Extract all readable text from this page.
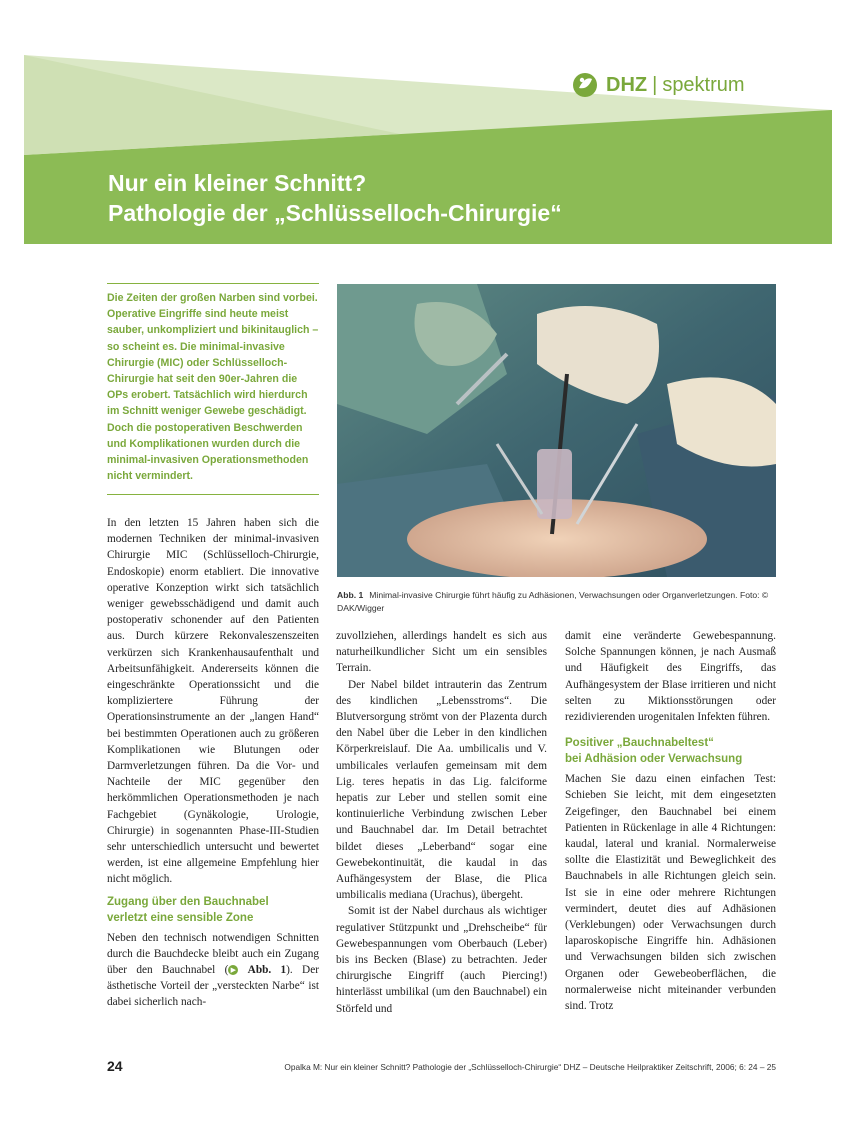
DHZ | spektrum
Nur ein kleiner Schnitt?
Pathologie der „Schlüsselloch-Chirurgie“
Die Zeiten der großen Narben sind vorbei. Operative Eingriffe sind heute meist sauber, unkompliziert und bikinitauglich – so scheint es. Die minimal-invasive Chirurgie (MIC) oder Schlüsselloch-Chirurgie hat seit den 90er-Jahren die OPs erobert. Tatsächlich wird hierdurch im Schnitt weniger Gewebe geschädigt. Doch die postoperativen Beschwerden und Komplikationen wurden durch die minimal-invasiven Operationsmethoden nicht vermindert.

In den letzten 15 Jahren haben sich die modernen Techniken der minimal-invasiven Chirurgie MIC (Schlüsselloch-Chirurgie, Endoskopie) enorm etabliert. Die innovative operative Konzeption wirkt sich tatsächlich weniger gewebsschädigend und damit auch postoperativ schonender auf den Patienten aus. Durch kürzere Rekonvaleszenszeiten verkürzen sich Krankenhausaufenthalt und Arbeitsunfähigkeit. Andererseits können die eingeschränkte Operationssicht und die kompliziertere Führung der Operationsinstrumente an der „langen Hand“ bei bestimmten Operationen auch zu größeren Komplikationen wie Blutungen oder Darmverletzungen führen. Da die Vor- und Nachteile der MIC gegenüber den herkömmlichen Operationsmethoden je nach Fachgebiet (Gynäkologie, Urologie, Chirurgie) in sogenannten Phase-III-Studien sehr unterschiedlich untersucht und bewertet werden, ist eine allgemeine Empfehlung hier nicht möglich.

Zugang über den Bauchnabel
verletzt eine sensible Zone

Neben den technisch notwendigen Schnitten durch die Bauchdecke bleibt auch ein Zugang über den Bauchnabel ( ▶ Abb. 1). Der ästhetische Vorteil der „versteckten Narbe“ ist dabei sicherlich nach-

Abb. 1 Minimal-invasive Chirurgie führt häufig zu Adhäsionen, Verwachsungen oder Organverletzungen. Foto: © DAK/Wigger

zuvollziehen, allerdings handelt es sich aus naturheilkundlicher Sicht um ein sensibles Terrain.

Der Nabel bildet intrauterin das Zentrum des kindlichen „Lebensstroms“. Die Blutversorgung strömt von der Plazenta durch den Nabel über die Leber in den kindlichen Körperkreislauf. Die Aa. umbilicalis und V. umbilicales verlaufen gemeinsam mit dem Lig. teres hepatis in das Lig. falciforme hepatis zur Leber und stellen somit eine kontinuierliche Verbindung zwischen Leber und Bauchnabel dar. Im Detail betrachtet bildet dieses „Leberband“ sogar eine Gewebekontinuität, die kaudal in das Aufhängesystem der Blase, die Plica umbilicalis mediana (Urachus), übergeht.

Somit ist der Nabel durchaus als wichtiger regulativer Stützpunkt und „Drehscheibe“ für Gewebespannungen vom Oberbauch (Leber) bis ins Becken (Blase) zu betrachten. Jeder chirurgische Eingriff (auch Piercing!) hinterlässt umbilikal (um den Bauchnabel) ein Störfeld und

damit eine veränderte Gewebespannung. Solche Spannungen können, je nach Ausmaß und Häufigkeit des Eingriffs, das Aufhängesystem der Blase irritieren und nicht selten zu Miktionsstörungen oder rezidivierenden urogenitalen Infekten führen.

Positiver „Bauchnabeltest“
bei Adhäsion oder Verwachsung

Machen Sie dazu einen einfachen Test: Schieben Sie leicht, mit dem eingesetzten Zeigefinger, den Bauchnabel bei einem Patienten in Rückenlage in alle 4 Richtungen: kaudal, lateral und kranial. Normalerweise sollte die Elastizität und Beweglichkeit des Bauchnabels in alle Richtungen gleich sein. Ist sie in eine oder mehrere Richtungen vermindert, deutet dies auf Adhäsionen (Verklebungen) oder Verwachsungen durch laparoskopische Eingriffe hin. Adhäsionen und Verwachsungen bilden sich zwischen Organen oder Gewebeoberflächen, die normalerweise nicht miteinander verbunden sind. Trotz

24	Opalka M: Nur ein kleiner Schnitt? Pathologie der „Schlüsselloch-Chirurgie“ DHZ – Deutsche Heilpraktiker Zeitschrift, 2006; 6: 24 – 25
